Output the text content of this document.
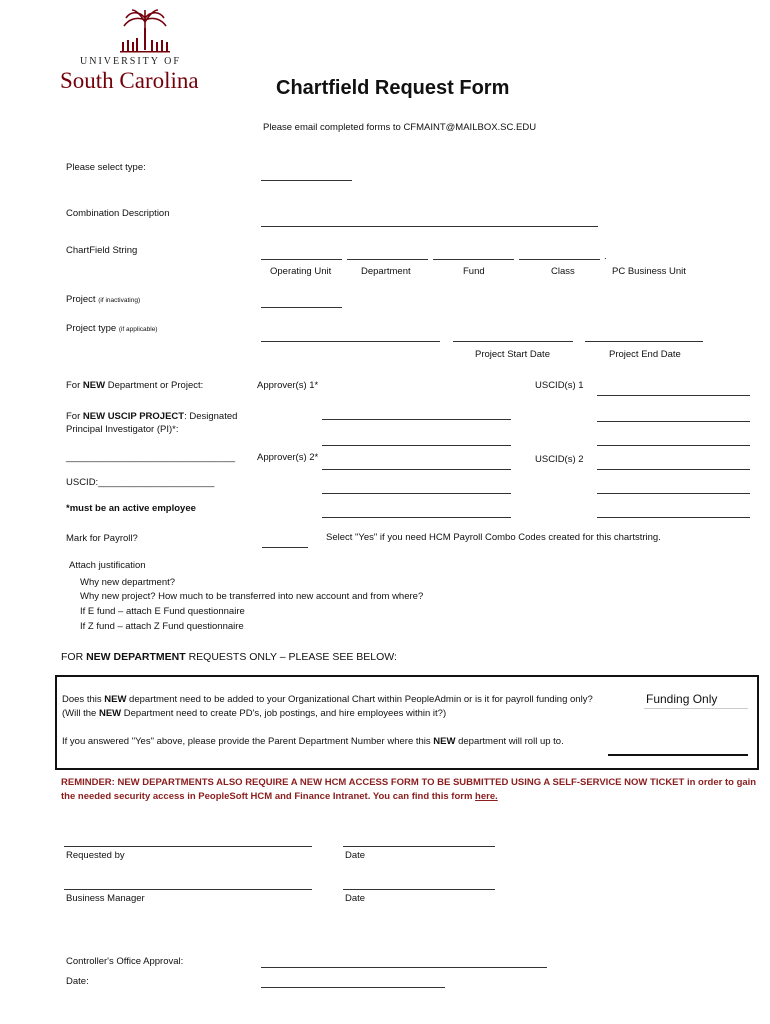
UNIVERSITY OF
South Carolina	Chartfield Request Form
Please email completed forms to CFMAINT@MAILBOX.SC.EDU
Please select type:
Combination Description
ChartField String
.
Operating Unit	Department	Fund	Class	PC Business Unit
Project (if inactivating)
Project type (if applicable)
Project Start Date	Project End Date
For NEW Department or Project:	Approver(s) 1*	USCID(s) 1
For NEW USCIP PROJECT: Designated
Principal Investigator (PI)*:
________________________________ Approver(s) 2*	USCID(s) 2
USCID:______________________
*must be an active employee
Mark for Payroll?	Select "Yes" if you need HCM Payroll Combo Codes created for this chartstring.
Attach justification
Why new department?
Why new project? How much to be transferred into new account and from where?
If E fund – attach E Fund questionnaire
If Z fund – attach Z Fund questionnaire
FOR NEW DEPARTMENT REQUESTS ONLY – PLEASE SEE BELOW:
Does this NEW department need to be added to your Organizational Chart within PeopleAdmin or is it for payroll funding only?
(Will the NEW Department need to create PD's, job postings, and hire employees within it?)
Funding Only
If you answered "Yes" above, please provide the Parent Department Number where this NEW department will roll up to.
REMINDER: NEW DEPARTMENTS ALSO REQUIRE A NEW HCM ACCESS FORM TO BE SUBMITTED USING A SELF-SERVICE NOW TICKET in order to gain
the needed security access in PeopleSoft HCM and Finance Intranet. You can find this form here.
Requested by	Date
Business Manager	Date
Controller's Office Approval:
Date:
